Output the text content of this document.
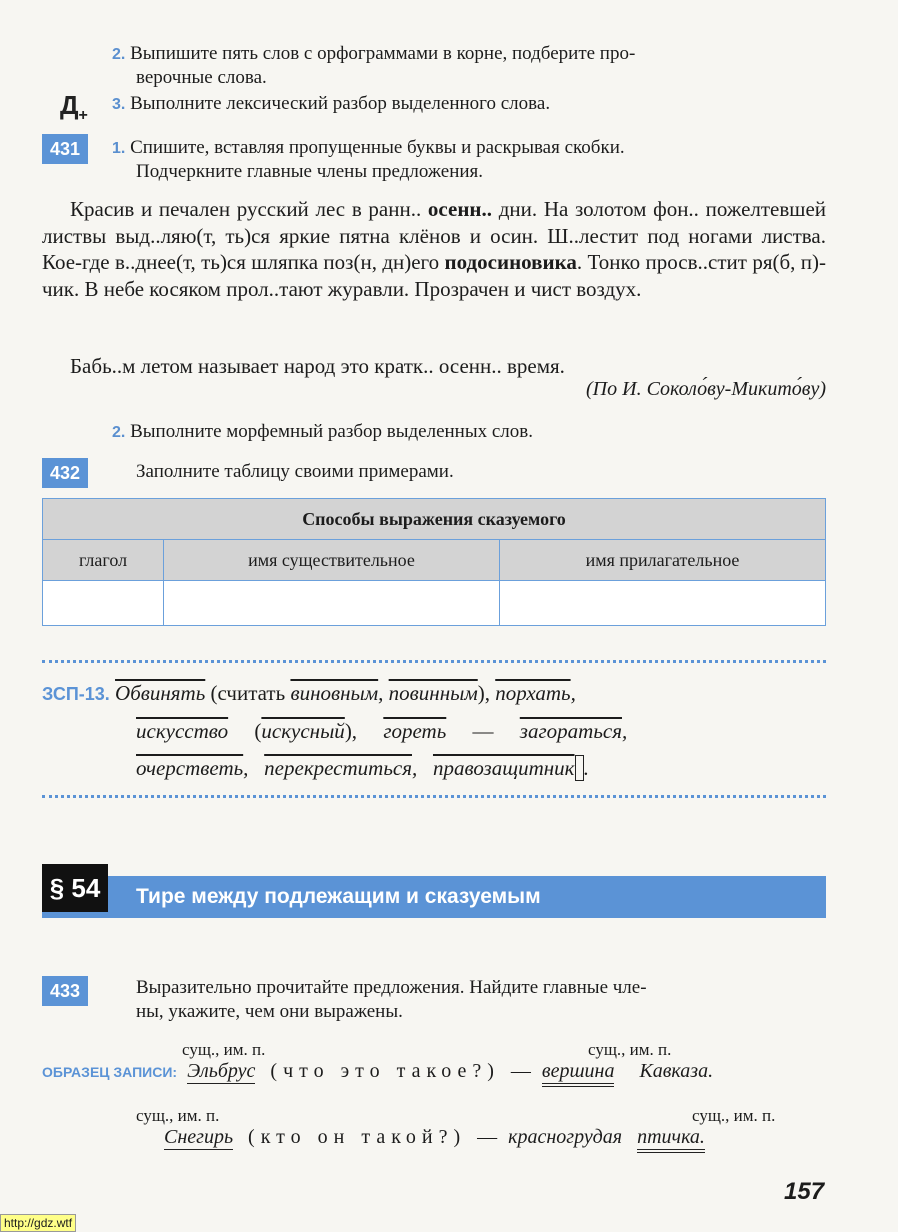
2. Выпишите пять слов с орфограммами в корне, подберите про-
верочные слова.
$Д_+$
3. Выполните лексический разбор выделенного слова.
431	1. Спишите, вставляя пропущенные буквы и раскрывая скобки.
Подчеркните главные члены предложения.
Красив и печален русский лес в ранн.. осенн.. дни. На золотом фон.. пожелтевшей листвы выд..ляю(т, ть)ся яркие пятна клёнов и осин. Ш..лестит под ногами листва. Кое-где в..днее(т, ть)ся шляпка поз(н, дн)его подосиновика. Тонко просв..стит ря(б, п)-чик. В небе косяком прол..тают журавли. Прозрачен и чист воздух.
Бабь..м летом называет народ это кратк.. осенн.. время.
(По И. Соколо́ву-Микито́ву)
2. Выполните морфемный разбор выделенных слов.
432	Заполните таблицу своими примерами.
Способы выражения сказуемого		
глагол	имя существительное	имя прилагательное

ЗСП-13. Обвинять (считать виновным, повинным), порхать,
искусство (искусный), гореть — загораться,
очерстветь,   перекреститься,   правозащитник .
§ 54	Тире между подлежащим и сказуемым
433	Выразительно прочитайте предложения. Найдите главные чле-
ны, укажите, чем они выражены.
сущ., им. п.	сущ., им. п.
ОБРАЗЕЦ ЗАПИСИ: Эльбрус (что это такое?) — вершина Кавказа.
сущ., им. п.	сущ., им. п.
Снегирь (кто он такой?) — красногрудая птичка.
157
http://gdz.wtf
